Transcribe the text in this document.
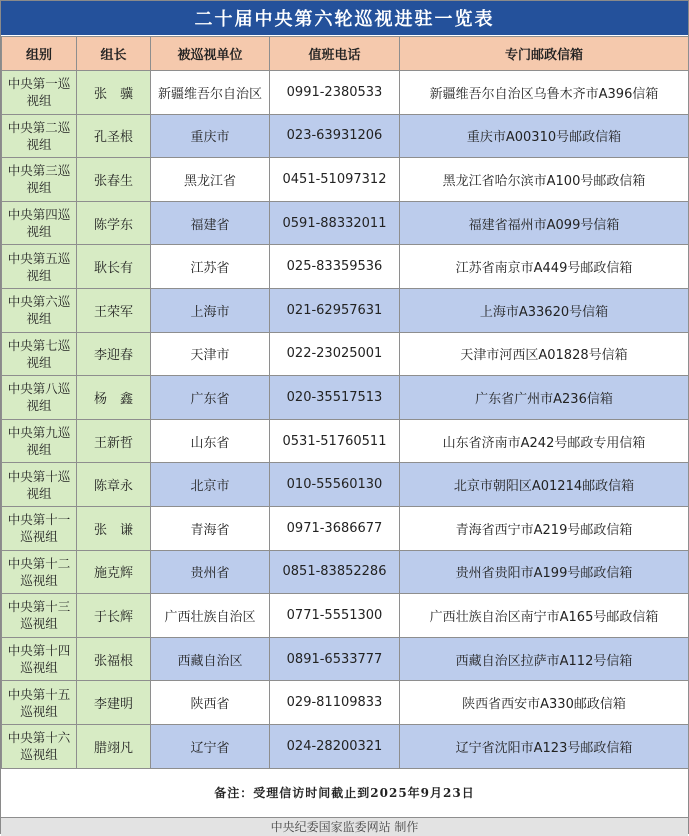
二十届中央第六轮巡视进驻一览表
组别	组长	被巡视单位	值班电话	专门邮政信箱
中央第一巡视组	张　骥	新疆维吾尔自治区	0991-2380533	新疆维吾尔自治区乌鲁木齐市A396信箱
中央第二巡视组	孔圣根	重庆市	023-63931206	重庆市A00310号邮政信箱
中央第三巡视组	张春生	黑龙江省	0451-51097312	黑龙江省哈尔滨市A100号邮政信箱
中央第四巡视组	陈学东	福建省	0591-88332011	福建省福州市A099号信箱
中央第五巡视组	耿长有	江苏省	025-83359536	江苏省南京市A449号邮政信箱
中央第六巡视组	王荣军	上海市	021-62957631	上海市A33620号信箱
中央第七巡视组	李迎春	天津市	022-23025001	天津市河西区A01828号信箱
中央第八巡视组	杨　鑫	广东省	020-35517513	广东省广州市A236信箱
中央第九巡视组	王新哲	山东省	0531-51760511	山东省济南市A242号邮政专用信箱
中央第十巡视组	陈章永	北京市	010-55560130	北京市朝阳区A01214邮政信箱
中央第十一巡视组	张　谦	青海省	0971-3686677	青海省西宁市A219号邮政信箱
中央第十二巡视组	施克辉	贵州省	0851-83852286	贵州省贵阳市A199号邮政信箱
中央第十三巡视组	于长辉	广西壮族自治区	0771-5551300	广西壮族自治区南宁市A165号邮政信箱
中央第十四巡视组	张福根	西藏自治区	0891-6533777	西藏自治区拉萨市A112号信箱
中央第十五巡视组	李建明	陕西省	029-81109833	陕西省西安市A330邮政信箱
中央第十六巡视组	腊翊凡	辽宁省	024-28200321	辽宁省沈阳市A123号邮政信箱
备注：受理信访时间截止到2025年9月23日
中央纪委国家监委网站 制作
